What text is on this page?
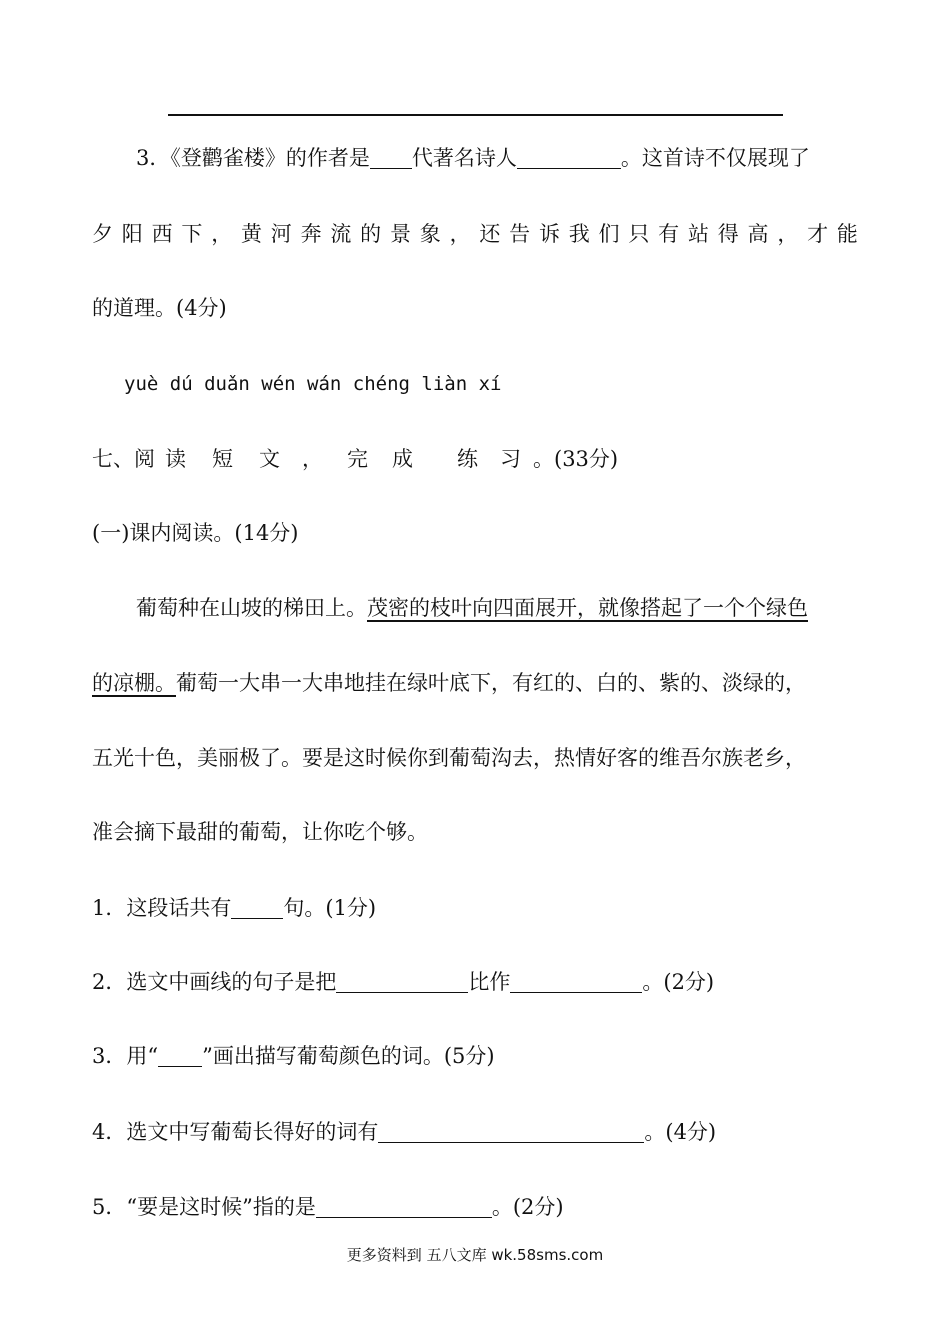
3．《登鹳雀楼》的作者是 代著名诗人	。这首诗不仅展现了
夕 阳 西 下 ， 黄 河 奔 流 的 景 象 ， 还 告 诉 我 们 只 有 站 得 高 ， 才 能
的道理。(4分)
yuè dú duǎn wén wán chéng liàn xí
七、阅 读 短 文 ， 完 成 练 习 。(33分)
(一)课内阅读。(14分)
葡萄种在山坡的梯田上。茂密的枝叶向四面展开，就像搭起了一个个绿色
的凉棚。葡萄一大串一大串地挂在绿叶底下，有红的、白的、紫的、淡绿的，
五光十色，美丽极了。要是这时候你到葡萄沟去，热情好客的维吾尔族老乡，
准会摘下最甜的葡萄，让你吃个够。
1．这段话共有 句。(1分)
2．选文中画线的句子是把	比作	。(2分)
3．用“ ”画出描写葡萄颜色的词。(5分)
4．选文中写葡萄长得好的词有	。(4分)
5．“要是这时候”指的是	。(2分)
更多资料到 五八文库 wk.58sms.com
